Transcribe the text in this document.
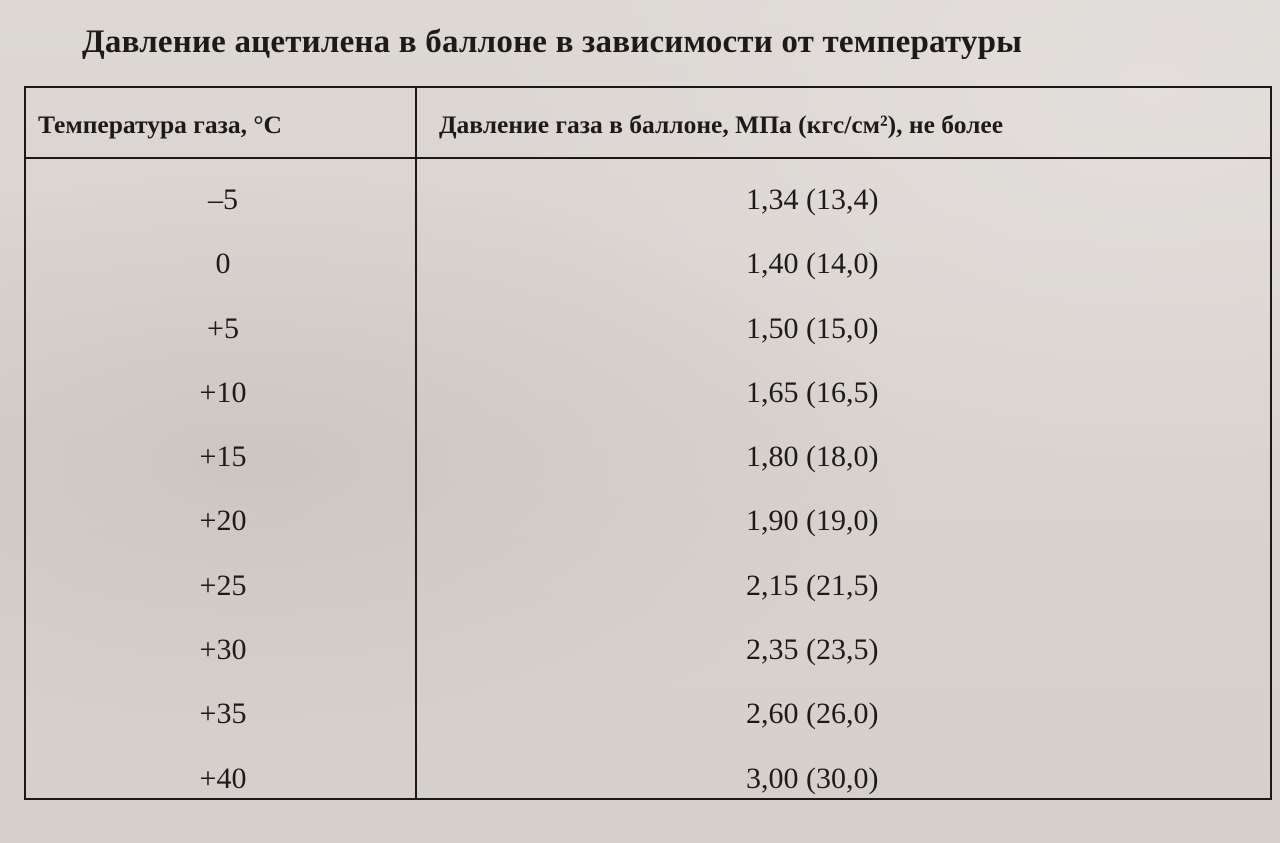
Давление ацетилена в баллоне в зависимости от температуры
Температура газа, °С	Давление газа в баллоне, МПа (кгс/см²), не более
–5	1,34 (13,4)
0	1,40 (14,0)
+5	1,50 (15,0)
+10	1,65 (16,5)
+15	1,80 (18,0)
+20	1,90 (19,0)
+25	2,15 (21,5)
+30	2,35 (23,5)
+35	2,60 (26,0)
+40	3,00 (30,0)
